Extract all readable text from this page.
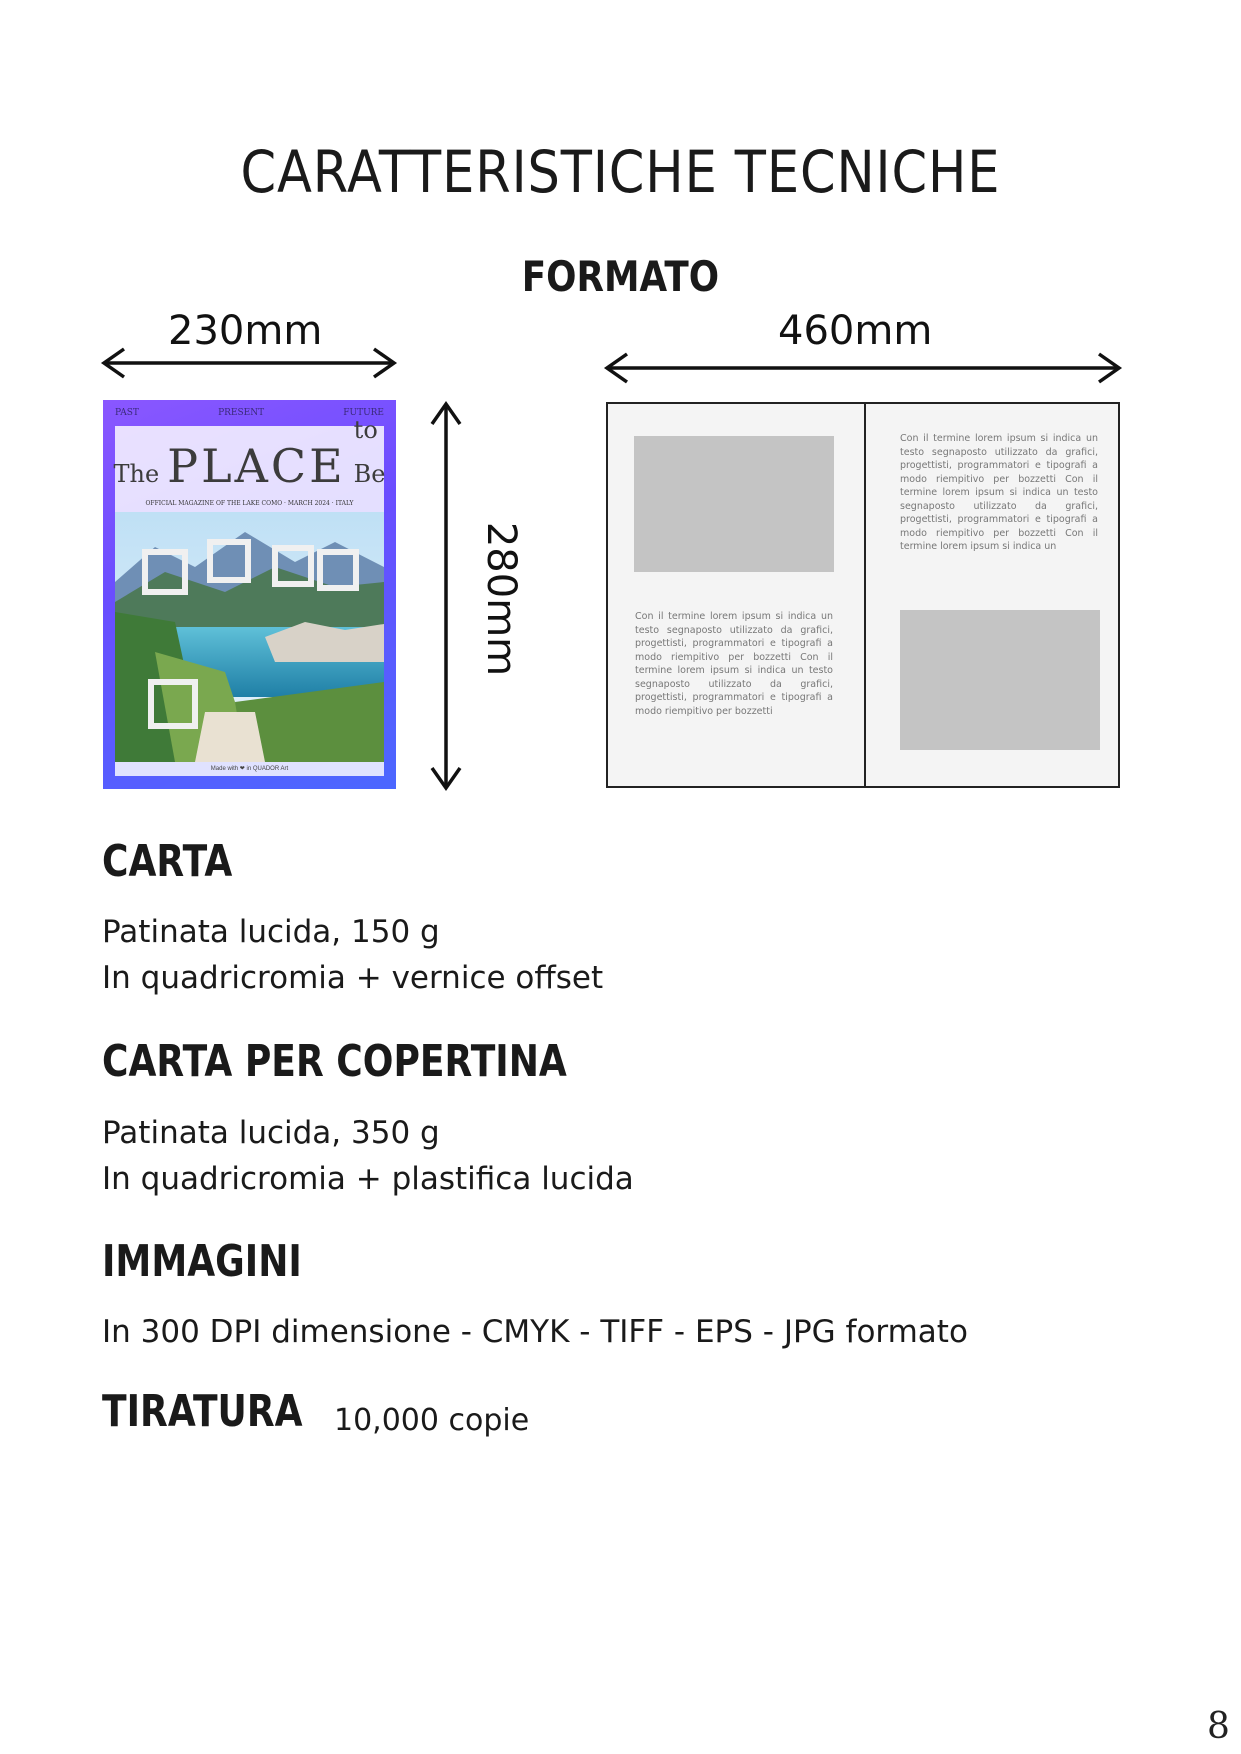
CARATTERISTICHE TECNICHE
FORMATO
230mm	460mm
280mm
PAST	PRESENT	FUTURE
The PLACE
to Be
OFFICIAL MAGAZINE OF THE LAKE COMO · MARCH 2024 · ITALY
Made with ❤ in QUADOR Art
Con il termine lorem ipsum si indica un testo segnaposto utilizzato da grafici, progettisti, programmatori e tipografi a modo riempitivo per bozzetti Con il termine lorem ipsum si indica un testo segnaposto utilizzato da grafici, progettisti, programmatori e tipografi a modo riempitivo per bozzetti
Con il termine lorem ipsum si indica un testo segnaposto utilizzato da grafici, progettisti, programmatori e tipografi a modo riempitivo per bozzetti Con il termine lorem ipsum si indica un testo segnaposto utilizzato da grafici, progettisti, programmatori e tipografi a modo riempitivo per bozzetti Con il termine lorem ipsum si indica un
CARTA
Patinata lucida, 150 g
In quadricromia + vernice offset
CARTA PER COPERTINA
Patinata lucida, 350 g
In quadricromia + plastifica lucida
IMMAGINI
In 300 DPI dimensione - CMYK - TIFF - EPS - JPG formato
TIRATURA 10,000 copie
8
